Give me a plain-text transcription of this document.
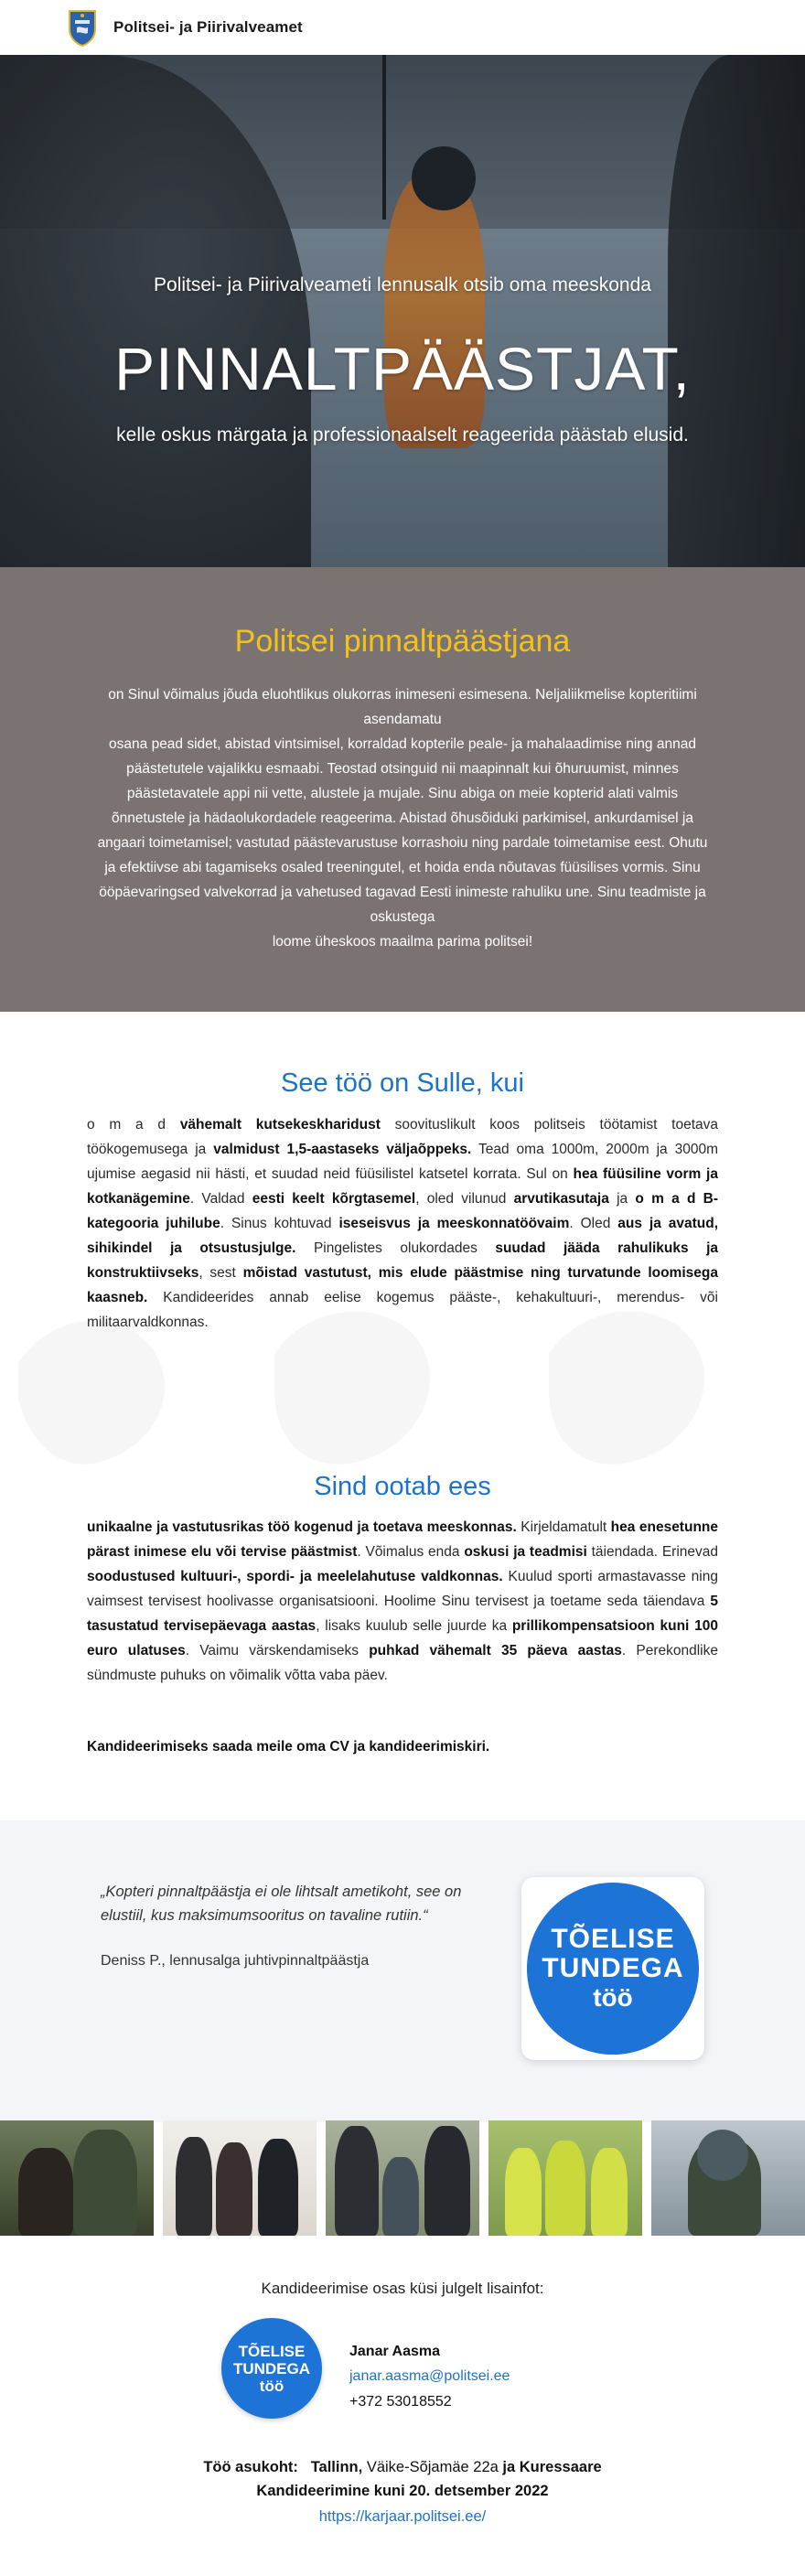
Politsei- ja Piirivalveamet
Politsei- ja Piirivalveameti lennusalk otsib oma meeskonda
PINNALTPÄÄSTJAT,
kelle oskus märgata ja professionaalselt reageerida päästab elusid.
Politsei pinnaltpäästjana
on Sinul võimalus jõuda eluohtlikus olukorras inimeseni esimesena. Neljaliikmelise kopteritiimi asendamatu
osana pead sidet, abistad vintsimisel, korraldad kopterile peale- ja mahalaadimise ning annad päästetutele vajalikku esmaabi. Teostad otsinguid nii maapinnalt kui õhuruumist, minnes päästetavatele appi nii vette, alustele ja mujale. Sinu abiga on meie kopterid alati valmis õnnetustele ja hädaolukordadele reageerima. Abistad õhusõiduki parkimisel, ankurdamisel ja angaari toimetamisel; vastutad päästevarustuse korrashoiu ning pardale toimetamise eest. Ohutu ja efektiivse abi tagamiseks osaled treeningutel, et hoida enda nõutavas füüsilises vormis. Sinu ööpäevaringsed valvekorrad ja vahetused tagavad Eesti inimeste rahuliku une. Sinu teadmiste ja oskustega
loome üheskoos maailma parima politsei!
See töö on Sulle, kui
o m a d vähemalt kutsekeskharidust soovituslikult koos politseis töötamist toetava töökogemusega ja valmidust 1,5-aastaseks väljaõppeks. Tead oma 1000m, 2000m ja 3000m ujumise aegasid nii hästi, et suudad neid füüsilistel katsetel korrata. Sul on hea füüsiline vorm ja kotkanägemine. Valdad eesti keelt kõrgtasemel, oled vilunud arvutikasutaja ja o m a d B-kategooria juhilube. Sinus kohtuvad iseseisvus ja meeskonnatöövaim. Oled aus ja avatud, sihikindel ja otsustusjulge. Pingelistes olukordades suudad jääda rahulikuks ja konstruktiivseks, sest mõistad vastutust, mis elude päästmise ning turvatunde loomisega kaasneb. Kandideerides annab eelise kogemus pääste-, kehakultuuri-, merendus- või militaarvaldkonnas.
Sind ootab ees
unikaalne ja vastutusrikas töö kogenud ja toetava meeskonnas. Kirjeldamatult hea enesetunne pärast inimese elu või tervise päästmist. Võimalus enda oskusi ja teadmisi täiendada. Erinevad soodustused kultuuri-, spordi- ja meelelahutuse valdkonnas. Kuulud sporti armastavasse ning vaimsest tervisest hoolivasse organisatsiooni. Hoolime Sinu tervisest ja toetame seda täiendava 5 tasustatud tervisepäevaga aastas, lisaks kuulub selle juurde ka prillikompensatsioon kuni 100 euro ulatuses. Vaimu värskendamiseks puhkad vähemalt 35 päeva aastas. Perekondlike sündmuste puhuks on võimalik võtta vaba päev.
Kandideerimiseks saada meile oma CV ja kandideerimiskiri.
„Kopteri pinnaltpäästja ei ole lihtsalt ametikoht, see on elustiil, kus maksimumsooritus on tavaline rutiin.“
Deniss P., lennusalga juhtivpinnaltpäästja
TÕELISE
TUNDEGA
töö
Kandideerimise osas küsi julgelt lisainfot:
TÕELISE
TUNDEGA
töö
Janar Aasma
janar.aasma@politsei.ee
+372 53018552
Töö asukoht: Tallinn, Väike-Sõjamäe 22a ja Kuressaare
Kandideerimine kuni 20. detsember 2022
https://karjaar.politsei.ee/
